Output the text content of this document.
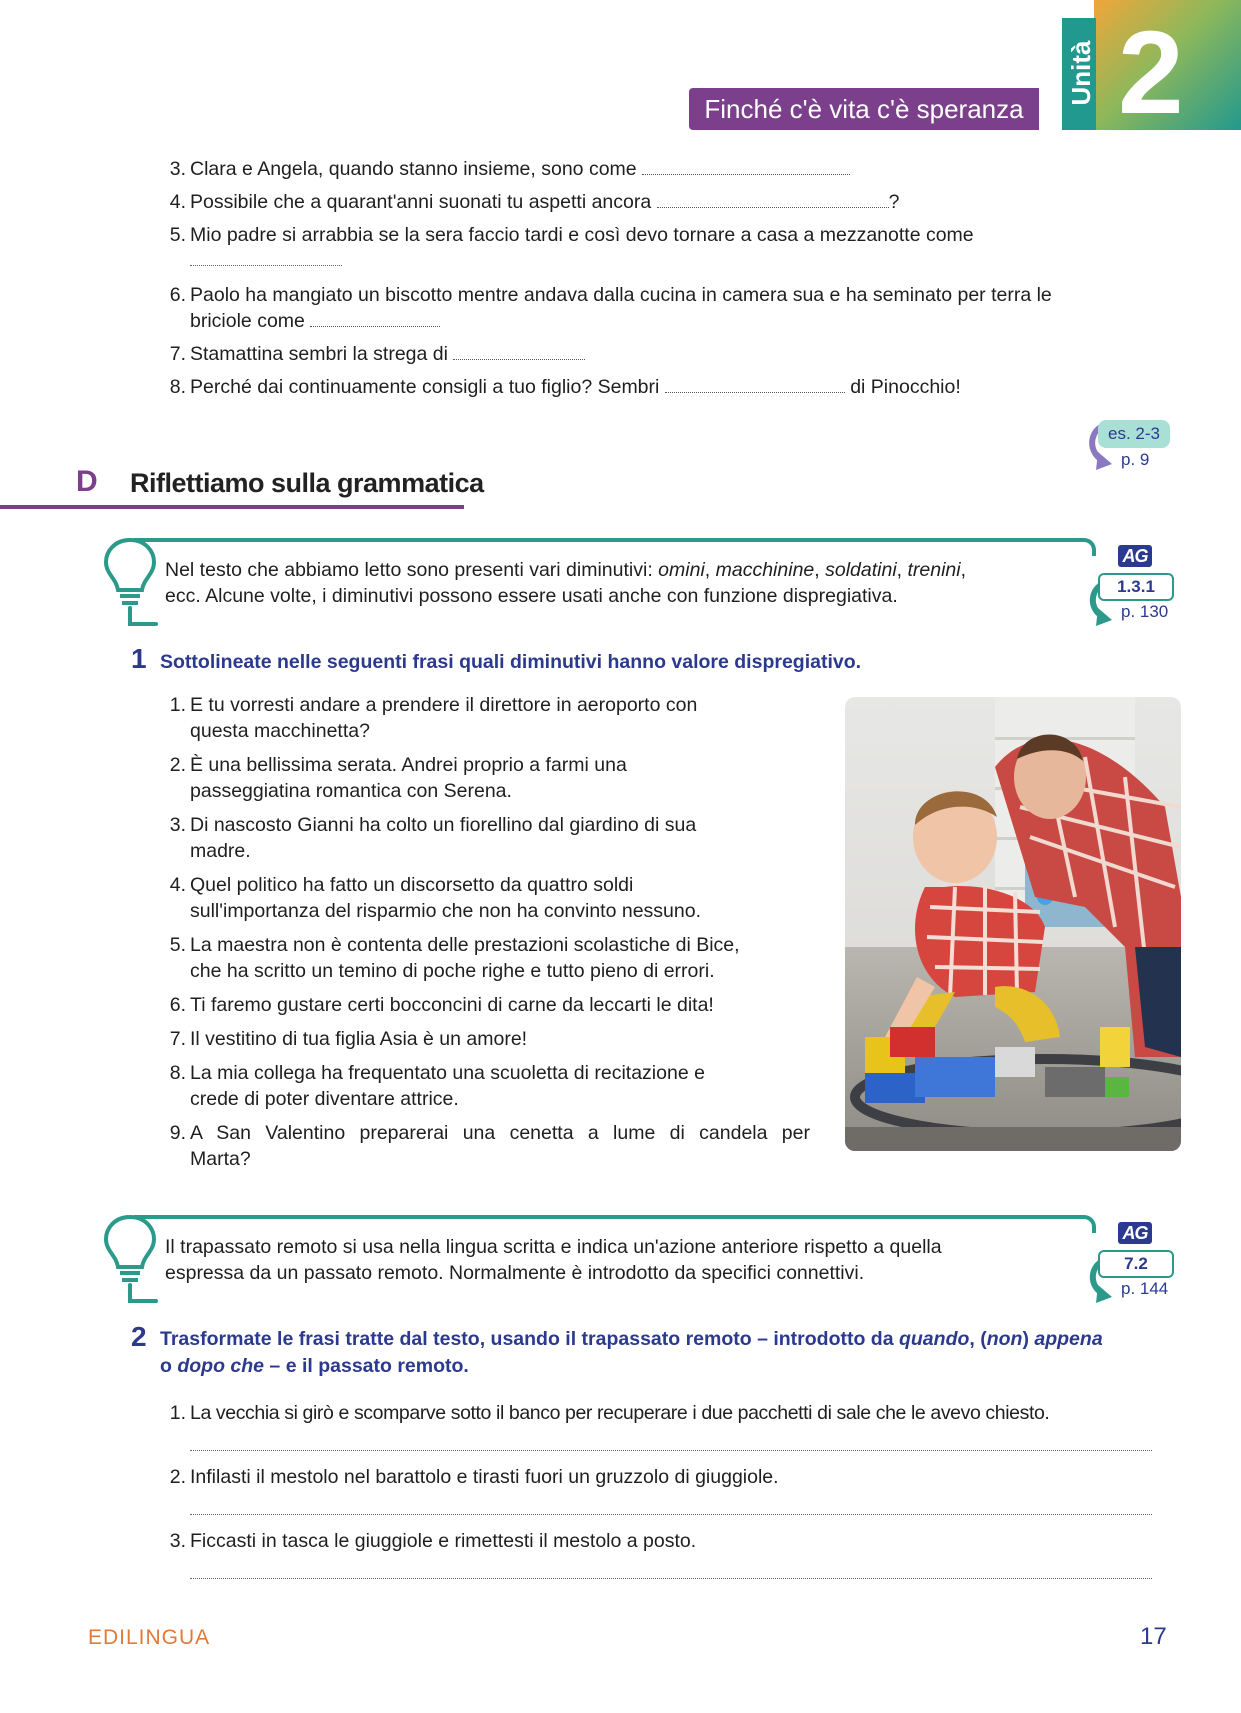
2
Unità
Finché c'è vita c'è speranza
3. Clara e Angela, quando stanno insieme, sono come
4. Possibile che a quarant'anni suonati tu aspetti ancora	?
5. Mio padre si arrabbia se la sera faccio tardi e così devo tornare a casa a mezzanotte come
6. Paolo ha mangiato un biscotto mentre andava dalla cucina in camera sua e ha seminato per terra le
briciole come
7. Stamattina sembri la strega di
8. Perché dai continuamente consigli a tuo figlio? Sembri	di Pinocchio!
es. 2-3
p. 9
D Riflettiamo sulla grammatica
Nel testo che abbiamo letto sono presenti vari diminutivi: omini, macchinine, soldatini, trenini,
ecc. Alcune volte, i diminutivi possono essere usati anche con funzione dispregiativa.
AG
1.3.1
p. 130
1 Sottolineate nelle seguenti frasi quali diminutivi hanno valore dispregiativo.
1. E tu vorresti andare a prendere il direttore in aeroporto con
questa macchinetta?
2. È una bellissima serata. Andrei proprio a farmi una
passeggiatina romantica con Serena.
3. Di nascosto Gianni ha colto un fiorellino dal giardino di sua
madre.
4. Quel politico ha fatto un discorsetto da quattro soldi
sull'importanza del risparmio che non ha convinto nessuno.
5. La maestra non è contenta delle prestazioni scolastiche di Bice,
che ha scritto un temino di poche righe e tutto pieno di errori.
6. Ti faremo gustare certi bocconcini di carne da leccarti le dita!
7. Il vestitino di tua figlia Asia è un amore!
8. La mia collega ha frequentato una scuoletta di recitazione e
crede di poter diventare attrice.
9. A San Valentino preparerai una cenetta a lume di candela per
Marta?
Il trapassato remoto si usa nella lingua scritta e indica un'azione anteriore rispetto a quella
espressa da un passato remoto. Normalmente è introdotto da specifici connettivi.
AG
7.2
p. 144
2 Trasformate le frasi tratte dal testo, usando il trapassato remoto – introdotto da quando, (non) appena
o dopo che – e il passato remoto.
1. La vecchia si girò e scomparve sotto il banco per recuperare i due pacchetti di sale che le avevo chiesto.
2. Infilasti il mestolo nel barattolo e tirasti fuori un gruzzolo di giuggiole.
3. Ficcasti in tasca le giuggiole e rimettesti il mestolo a posto.
EDILINGUA	17
